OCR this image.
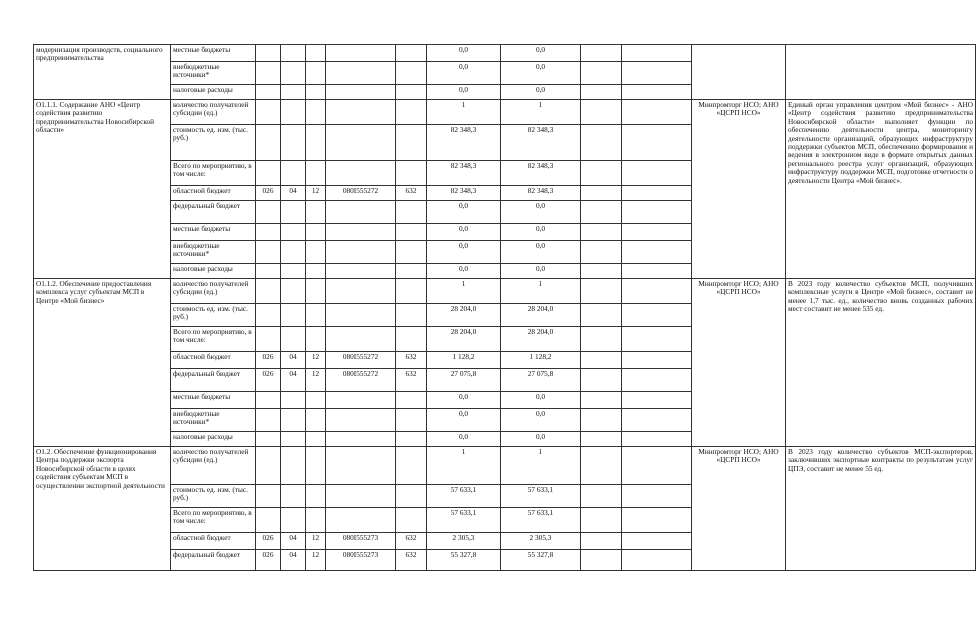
модернизация производств, социального предпринимательства	местные бюджеты						0,0	0,0				
	внебюджетные источники*						0,0	0,0				
	налоговые расходы						0,0	0,0				
О1.1.1. Содержание АНО «Центр содействия развитию предпринимательства Новосибирской области»	количество получателей субсидии (ед.)						1	1			Минпромторг НСО; АНО «ЦСРП НСО»	Единый орган управления центром «Мой бизнес» - АНО «Центр содействия развитию предпринимательства Новосибирской области» выполняет функции по обеспечению деятельности центра, мониторингу деятельности организаций, образующих инфраструктуру поддержки субъектов МСП, обеспечению формирования и ведения в электронном виде в формате открытых данных регионального реестра услуг организаций, образующих инфраструктуру поддержки МСП, подготовке отчетности о деятельности Центра «Мой бизнес».
	стоимость ед. изм. (тыс. руб.)						82 348,3	82 348,3				
	Всего по мероприятию, в том числе:						82 348,3	82 348,3				
	областной бюджет	026	04	12	080I555272	632	82 348,3	82 348,3				
	федеральный бюджет						0,0	0,0				
	местные бюджеты						0,0	0,0				
	внебюджетные источники*						0,0	0,0				
	налоговые расходы						0,0	0,0				
О1.1.2. Обеспечение предоставления комплекса услуг субъектам МСП в Центре «Мой бизнес»	количество получателей субсидии (ед.)						1	1			Минпромторг НСО; АНО «ЦСРП НСО»	В 2023 году количество субъектов МСП, получивших комплексные услуги в Центре «Мой бизнес», составит не менее 1,7 тыс. ед., количество вновь созданных рабочих мест составит не менее 535 ед.
	стоимость ед. изм. (тыс. руб.)						28 204,0	28 204,0				
	Всего по мероприятию, в том числе:						28 204,0	28 204,0				
	областной бюджет	026	04	12	080I555272	632	1 128,2	1 128,2				
	федеральный бюджет	026	04	12	080I555272	632	27 075,8	27 075,8				
	местные бюджеты						0,0	0,0				
	внебюджетные источники*						0,0	0,0				
	налоговые расходы						0,0	0,0				
О1.2. Обеспечение функционирования Центра поддержки экспорта Новосибирской области в целях содействия субъектам МСП в осуществлении экспортной деятельности	количество получателей субсидии (ед.)						1	1			Минпромторг НСО; АНО «ЦСРП НСО»	В 2023 году количество субъектов МСП-экспортеров, заключивших экспортные контракты по результатам услуг ЦПЭ, составит не менее 55 ед.
	стоимость ед. изм. (тыс. руб.)						57 633,1	57 633,1				
	Всего по мероприятию, в том числе:						57 633,1	57 633,1				
	областной бюджет	026	04	12	080I555273	632	2 305,3	2 305,3				
	федеральный бюджет	026	04	12	080I555273	632	55 327,8	55 327,8				
